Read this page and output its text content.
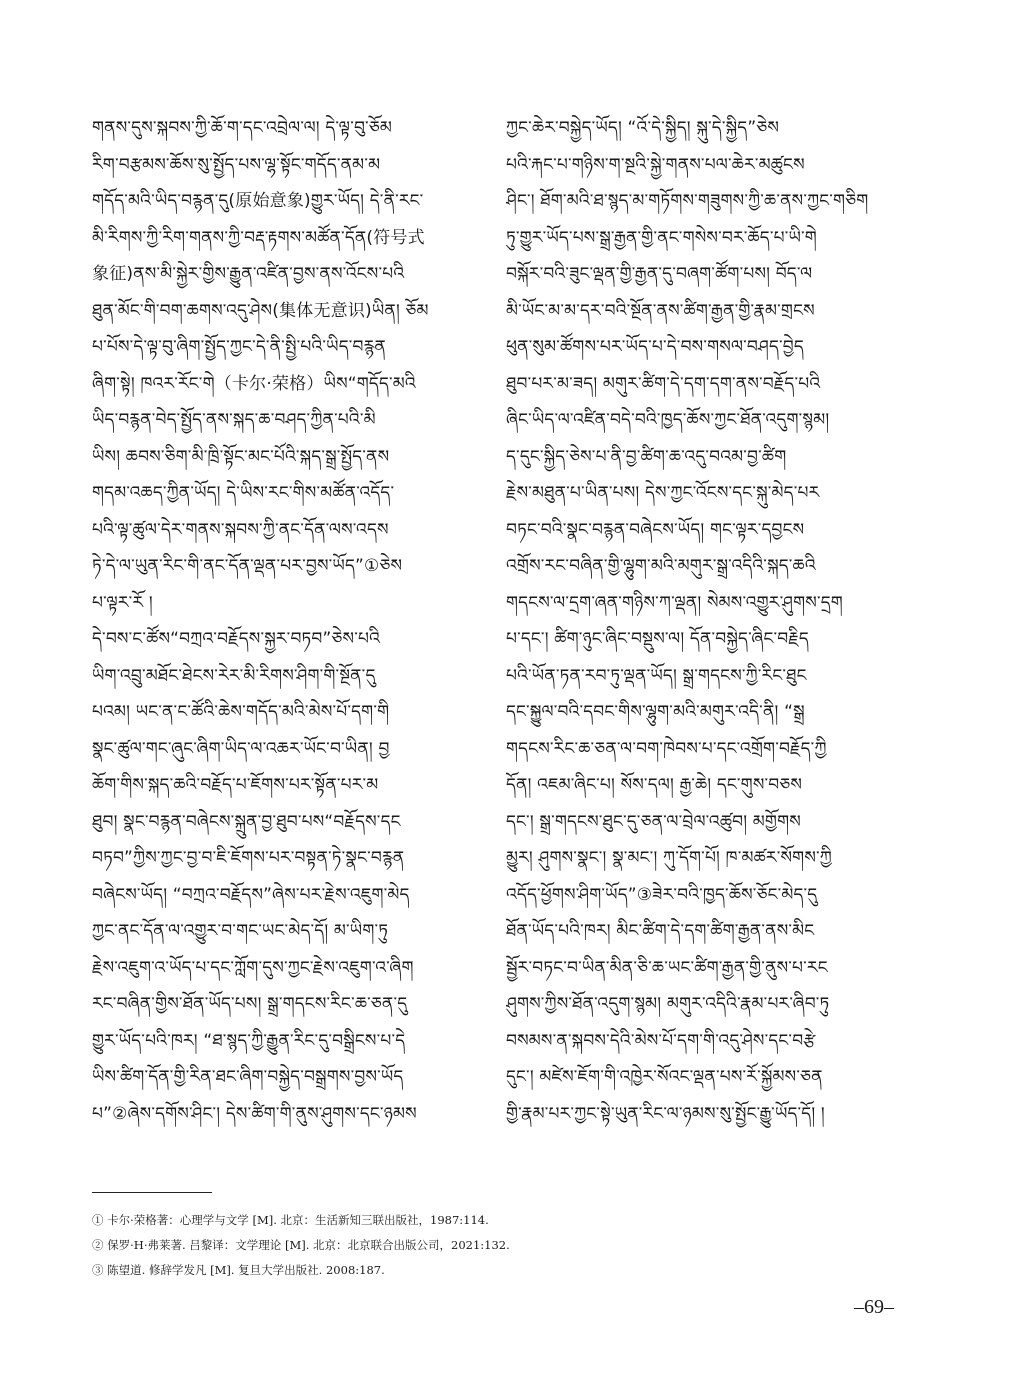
གནས་དུས་སྐབས་ཀྱི་ཆོ་ག་དང་འབྲེལ་ལ། དེ་ལྟ་བུ་ཅོམ
རིག་བརྩམས་ཆོས་སུ་སྤྱོད་པས་ལྷ་སྟོང་གདོད་ནམ་མ
གདོད་མའི་ཡིད་བརྙན་དུ(原始意象)གྱུར་ཡོད། དེ་ནི་རང་
མི་རིགས་ཀྱི་རིག་གནས་ཀྱི་བརྡ་རྟགས་མཚོན་དོན(符号式
象征)ནས་མི་སྐྱེར་གྱིས་རྒྱུན་འཛིན་བྱས་ནས་འོངས་པའི
ཐུན་མོང་གི་བག་ཆགས་འདུ་ཤེས(集体无意识)ཡིན། ཅོམ
པ་པོས་དེ་ལྟ་བུ་ཞིག་སྤྱོད་ཀྱང་དེ་ནི་སྤྱི་པའི་ཡིད་བརྙན
ཞིག་སྟེ། ཁའར་རོང་གེ（卡尔·荣格）ཡིས“གདོད་མའི
ཡིད་བརྙན་བེད་སྤྱོད་ནས་སྐད་ཆ་བཤད་ཀྱིན་པའི་མི
ཡིས། ཆབས་ཅིག་མི་ཁྲི་སྟོང་མང་པོའི་སྐད་སྒྲ་སྤྱོད་ནས
གདམ་འཆད་ཀྱིན་ཡོད། དེ་ཡིས་རང་གིས་མཚོན་འདོད་
པའི་ལྟ་ཚུལ་དེར་གནས་སྐབས་ཀྱི་ནང་དོན་ལས་འདས
ཏེ་དེ་ལ་ཡུན་རིང་གི་ནང་དོན་ལྡན་པར་བྱས་ཡོད”①ཅེས
པ་ལྟར་རོ །
དེ་བས་ང་ཚོས“བཀྲའ་བརྗོདས་སྐྱར་བཏབ”ཅེས་པའི
ཡིག་འབྲུ་མཐོང་ཐེངས་རེར་མི་རིགས་ཤིག་གི་སྔོན་དུ
པའམ། ཡང་ན་ང་ཚོའི་ཆེས་གདོད་མའི་མེས་པོ་དག་གི
སྣང་ཚུལ་གང་ཞུང་ཞིག་ཡིད་ལ་འཆར་ཡོང་བ་ཡིན། བྱ
ཆོག་གིས་སྐད་ཆའི་བརྗོད་པ་ཇོགས་པར་སྟོན་པར་མ
ཐུབ། སྣང་བརྙན་བཞེངས་སྐྲུན་བྱ་ཐུབ་པས“བརྗོདས་དང
བཏབ”ཀྱིས་ཀྱང་བྱ་བ་ཇི་ཇོགས་པར་བསྟན་ཏེ་སྣང་བརྙན
བཞེངས་ཡོད། “བཀྲའ་བརྗོདས”ཞེས་པར་རྗེས་འཇུག་མེད
ཀྱང་ནང་དོན་ལ་འགྱུར་བ་གང་ཡང་མེད་དོ། མ་ཡིག་ཏུ
རྗེས་འཇུག་འ་ཡོད་པ་དང་ཀློག་དུས་ཀྱང་རྗེས་འཇུག་འ་ཞིག
རང་བཞིན་གྱིས་ཐོན་ཡོད་པས། སྒྲ་གདངས་རིང་ཆ་ཅན་དུ
གྱུར་ཡོད་པའི་ཁར། “ཐ་སྙད་ཀྱི་རྒྱུན་རིང་དུ་བསྒྲིངས་པ་དེ
ཡིས་ཚིག་དོན་གྱི་རིན་ཐང་ཞིག་བསྐྱེད་བསྒྲགས་བྱས་ཡོད
པ”②ཞེས་དགོས་ཤིང་། དེས་ཚིག་གི་ནུས་ཤུགས་དང་ཉམས
ཀྱང་ཆེར་བསྐྱེད་ཡོད། “འོ་དེ་སྐྱིད། སྐུ་དེ་སྐྱིད”ཅེས
པའི་རྐང་པ་གཉིས་ག་སྔའི་སྐྱེ་གནས་པལ་ཆེར་མཚུངས
ཤིང་། ཐོག་མའི་ཐ་སྙད་མ་གཏོགས་གཟུགས་ཀྱི་ཆ་ནས་ཀྱང་གཅིག
ཏུ་གྱུར་ཡོད་པས་སྒྲ་རྒྱན་གྱི་ནང་གསེས་བར་ཆོད་པ་ཡི་གེ
བསྐོར་བའི་ཟུང་ལྡན་གྱི་རྒྱན་དུ་བཞག་ཚོག་པས། བོད་ལ
མི་ཡོང་མ་མ་དར་བའི་སྔོན་ནས་ཚིག་རྒྱན་གྱི་རྣམ་གྲངས
ཕུན་སུམ་ཚོགས་པར་ཡོད་པ་དེ་བས་གསལ་བཤད་བྱེད
ཐུབ་པར་མ་ཟད། མགུར་ཚིག་དེ་དག་དག་ནས་བརྗོད་པའི
ཞིང་ཡིད་ལ་འཛིན་བདེ་བའི་ཁྱད་ཆོས་ཀྱང་ཐོན་འདུག་སྙམ།
ད་དུང་སྐྱིད་ཅེས་པ་ནི་བྱ་ཚིག་ཆ་འདུ་བའམ་བྱ་ཚིག
རྗེས་མཐུན་པ་ཡིན་པས། དེས་ཀྱང་འོངས་དང་སྐུ་མེད་པར
བཏང་བའི་སྣང་བརྙན་བཞེངས་ཡོད། གང་ལྟར་དབྱངས
འགྲོས་རང་བཞིན་གྱི་ལྷུག་མའི་མགུར་སྒྲ་འདིའི་སྐད་ཆའི
གདངས་ལ་དྲག་ཞན་གཉིས་ཀ་ལྡན། སེམས་འགྱུར་ཤུགས་དྲག
པ་དང་། ཚིག་ཉུང་ཞིང་བསྡུས་ལ། དོན་བསྐྱེད་ཞིང་བརྗིད
པའི་ཡོན་ཏན་རབ་ཏུ་ལྡན་ཡོད། སྒྲ་གདངས་ཀྱི་རིང་ཐུང
དང་སྐྱུལ་བའི་དབང་གིས་ལྷུག་མའི་མགུར་འདི་ནི། “སྒྲ
གདངས་རིང་ཆ་ཅན་ལ་བག་ཁེབས་པ་དང་འགྲོག་བརྗོད་ཀྱི
དོན། འཇམ་ཞིང་པ། སོས་དལ། རྒྱ་ཆེ། དང་གུས་བཅས
དང་། སྒྲ་གདངས་ཐུང་དུ་ཅན་ལ་བྲེལ་འཚུབ། མགྱོགས
མྱུར། ཤུགས་སྣང་། སྣ་མང་། ཀུ་དོག་པོ། ཁ་མཚར་སོགས་ཀྱི
འདོད་ཕྱོགས་ཤིག་ཡོད”③ཟེར་བའི་ཁྱད་ཆོས་ཅོང་མེད་དུ
ཐོན་ཡོད་པའི་ཁར། མིང་ཚིག་དེ་དག་ཚིག་རྒྱན་ནས་མིང
སྦྱོར་བཏང་བ་ཡིན་མིན་ཅི་ཆ་ཡང་ཚིག་རྒྱན་གྱི་ནུས་པ་རང
ཤུགས་ཀྱིས་ཐོན་འདུག་སྙམ། མགུར་འདིའི་རྣམ་པར་ཞིབ་ཏུ
བསམས་ན་སྐབས་དེའི་མེས་པོ་དག་གི་འདུ་ཤེས་དང་བརྩེ
དུང་། མཛེས་ཇོག་གི་འཁྱེར་སོའང་ལྡན་པས་རོ་སྐྱོམས་ཅན
གྱི་རྣམ་པར་ཀྱང་སྟེ་ཡུན་རིང་ལ་ཉམས་སུ་སྤྱོང་རྒྱུ་ཡོད་དོ། །
① 卡尔·荣格著：心理学与文学 [M]. 北京：生活新知三联出版社，1987:114.
② 保罗·H·弗莱著. 吕黎译：文学理论 [M]. 北京：北京联合出版公司，2021:132.
③ 陈望道. 修辞学发凡 [M]. 复旦大学出版社. 2008:187.
–69–
